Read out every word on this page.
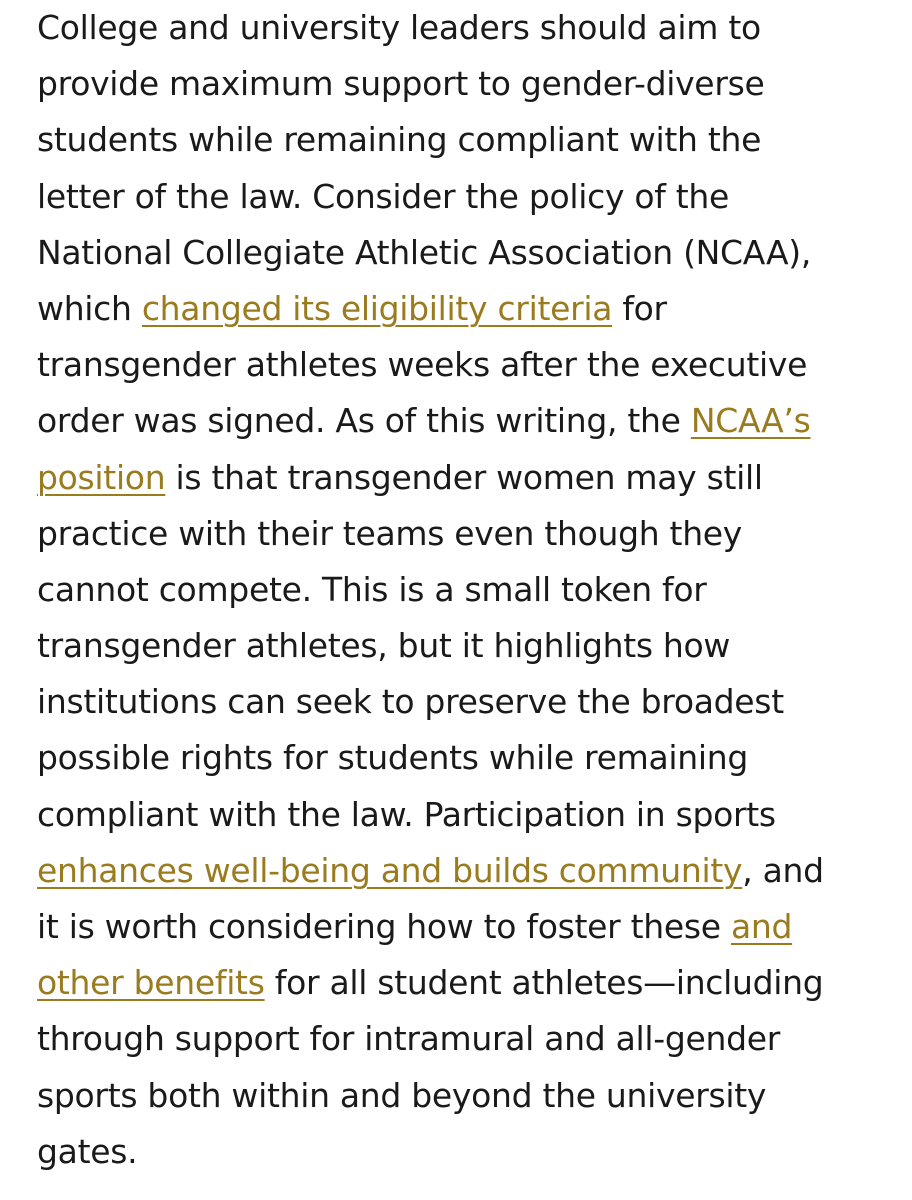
College and university leaders should aim to
provide maximum support to gender-diverse
students while remaining compliant with the
letter of the law. Consider the policy of the
National Collegiate Athletic Association (NCAA),
which changed its eligibility criteria for
transgender athletes weeks after the executive
order was signed. As of this writing, the NCAA’s
position is that transgender women may still
practice with their teams even though they
cannot compete. This is a small token for
transgender athletes, but it highlights how
institutions can seek to preserve the broadest
possible rights for students while remaining
compliant with the law. Participation in sports
enhances well-being and builds community, and
it is worth considering how to foster these and
other benefits for all student athletes—including
through support for intramural and all-gender
sports both within and beyond the university
gates.
